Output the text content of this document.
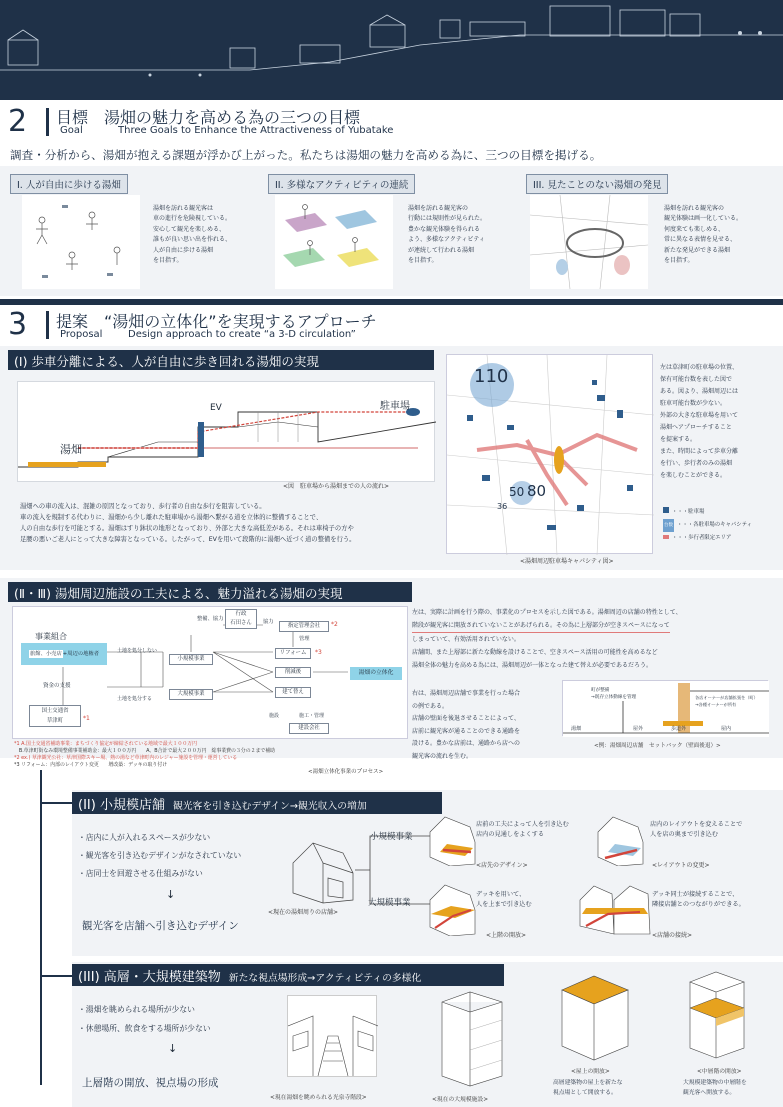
2 目標　湯畑の魅力を高める為の三つの目標
Goal	Three Goals to Enhance the Attractiveness of Yubatake
調査・分析から、湯畑が抱える課題が浮かび上がった。私たちは湯畑の魅力を高める為に、三つの目標を掲げる。
I. 人が自由に歩ける湯畑
湯畑を訪れる観光客は
車の進行を危険視している。
安心して観光を楽しめる、
誰もが良い思い出を作れる、
人が自由に歩ける湯畑
を目指す。
II. 多様なアクティビティの連続
湯畑を訪れる観光客の
行動には規則性が見られた。
豊かな観光体験を得られる
よう、多様なアクティビティ
が連続して行われる湯畑
を目指す。
III. 見たことのない湯畑の発見
湯畑を訪れる観光客の
観光体験は画一化している。
何度来ても楽しめる、
常に異なる表情を見せる、
新たな発見ができる湯畑
を目指す。
3 提案　“湯畑の立体化”を実現するアプローチ
Proposal	Design approach to create “a 3-D circulation”
(Ⅰ) 歩車分離による、人が自由に歩き回れる湯畑の実現
EV	駐車場
湯畑
<図　駐車場から湯畑までの人の流れ>
湯畑への車の流入は、混雑の原因となっており、歩行者の自由な歩行を阻害している。
車の流入を規制する代わりに、湯畑から少し離れた駐車場から湯畑へ繋がる道を立体的に整備することで、
人の自由な歩行を可能とする。湯畑はすり鉢状の地形となっており、外部と大きな高低差がある。それは車椅子の方や
足腰の悪いご老人にとって大きな障害となっている。したがって、EVを用いて段階的に湯畑へ近づく道の整備を行う。
110
50 80
36
<湯畑周辺駐車場キャパシティ図>
左は草津町の駐車場の位置、
保有可能台数を表した図で
ある。図より、湯畑周辺には
駐車可能台数が少ない。
外部の大きな駐車場を用いて
湯畑へアプローチすること
を提案する。
また、時間によって歩車分離
を行い、歩行者のみの湯畑
を楽しむことができる。
・・・駐車場
台数 ・・・各駐車場のキャパシティ
・・・歩行者限定エリア
(Ⅱ・Ⅲ) 湯畑周辺施設の工夫による、魅力溢れる湯畑の実現
事業組合
旅館、小売店+周辺の地権者
資金の支援
国土交通省
草津町	*1
整備、協力
行政
石田さん	協力
指定管理会社	*2
管理
土地を処分しない
土地を処分する
小規模事業
大規模事業
リフォーム
削減後
建て替え
*3
湯畑の立体化
施設	施工・管理
建設会社
*1 A.国土交通省補助事業：まちづくり協定が締結されている地域で最大１００万円
　B.草津町街なみ環境整備事業補助金：最大１００万円　　A、B合計で最大２００万円　総事業費の３分の２まで補助
*2 ex.) 草津観光公社：草津国際スキー場、熱の湯など草津町内のレジャー施設を管理・運営している
*3 リフォーム：内部のレイアウト変更　　増改築：デッキの取り付け
<湯畑立体化事業のプロセス>
左は、実際に計画を行う際の、事業化のプロセスを示した図である。湯畑周辺の店舗の特性として、
階段が観光客に開放されていないことがあげられる。その為に上層部分が空きスペースになって
しまっていて、有効活用されていない。
店舗間、また上層部に新たな動線を設けることで、空きスペース活用の可能性を高めるなど
湯畑全体の魅力を高める為には、湯畑周辺が一体となった建て替えが必要であるだろう。
右は、湯畑周辺店舗で事業を行った場合
の例である。
店舗の壁面を後退させることによって、
店前に観光客が通ることのできる通路を
設ける。豊かな店前は、通路から店への
観光客の流れを生む。
町が整備
→既存立体動線を管理	各店オーナーが店舗拡張を（町）
→各種オーナーが所有
湯畑	屋外	歩道外	屋内
<例：湯畑周辺店舗　セットバック（壁面後退）>
(II) 小規模店舗 観光客を引き込むデザイン→観光収入の増加
・店内に人が入れるスペースが少ない
・観光客を引き込むデザインがなされていない
・店同士を回遊させる仕組みがない
↓
観光客を店舗へ引き込むデザイン
<現在の湯畑周りの店舗>
小規模事業
大規模事業
店前の工夫によって人を引き込む
店内の見通しをよくする
<店先のデザイン>
店内のレイアウトを変えることで
人を店の奥まで引き込む
<レイアウトの変更>
デッキを用いて、
人を上まで引き込む
<上階の開放>
デッキ同士が接続することで、
隣接店舗とのつながりができる。
<店舗の接続>
(III) 高層・大規模建築物 新たな視点場形成→アクティビティの多様化
・湯畑を眺められる場所が少ない
・休憩場所、飲食をする場所が少ない
↓
上層階の開放、視点場の形成
<現在湯畑を眺められる光泉寺階段>	<現在の大規模施設>
<屋上の開放>
高層建築物の屋上を新たな
視点場として開放する。
<中層階の開放>
大規模建築物の中層階を
観光客へ開放する。
